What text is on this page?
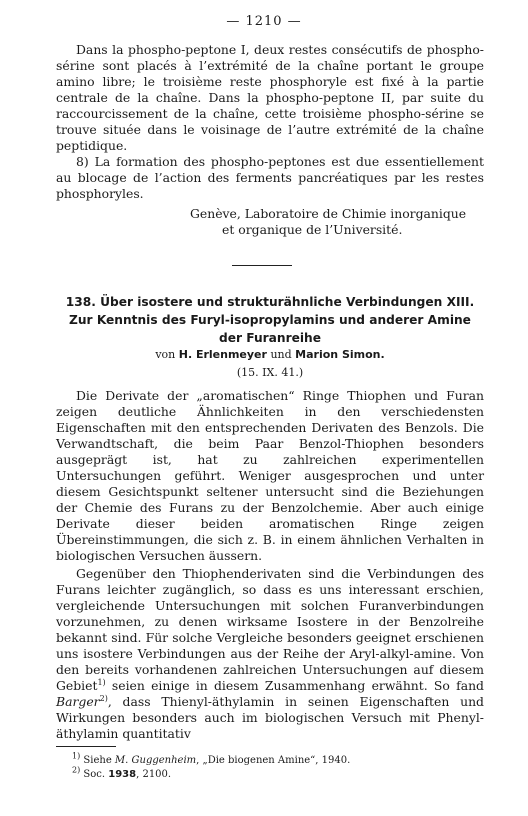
— 1210 —

Dans la phospho-peptone I, deux restes consécutifs de phospho-sérine sont placés à l’extrémité de la chaîne portant le groupe amino libre; le troisième reste phosphoryle est fixé à la partie centrale de la chaîne. Dans la phospho-peptone II, par suite du raccourcissement de la chaîne, cette troisième phospho-sérine se trouve située dans le voisinage de l’autre extrémité de la chaîne peptidique.

8) La formation des phospho-peptones est due essentiellement au blocage de l’action des ferments pancréatiques par les restes phosphoryles.

Genève, Laboratoire de Chimie inorganique
et organique de l’Université.
138. Über isostere und strukturähnliche Verbindungen XIII.
Zur Kenntnis des Furyl-isopropylamins und anderer Amine
der Furanreihe
von H. Erlenmeyer und Marion Simon.
(15. IX. 41.)

Die Derivate der „aromatischen“ Ringe Thiophen und Furan zeigen deutliche Ähnlichkeiten in den verschiedensten Eigenschaften mit den entsprechenden Derivaten des Benzols. Die Verwandtschaft, die beim Paar Benzol-Thiophen besonders ausgeprägt ist, hat zu zahlreichen experimentellen Untersuchungen geführt. Weniger ausgesprochen und unter diesem Gesichtspunkt seltener untersucht sind die Beziehungen der Chemie des Furans zu der Benzolchemie. Aber auch einige Derivate dieser beiden aromatischen Ringe zeigen Übereinstimmungen, die sich z. B. in einem ähnlichen Verhalten in biologischen Versuchen äussern.

Gegenüber den Thiophenderivaten sind die Verbindungen des Furans leichter zugänglich, so dass es uns interessant erschien, vergleichende Untersuchungen mit solchen Furanverbindungen vorzunehmen, zu denen wirksame Isostere in der Benzolreihe bekannt sind. Für solche Vergleiche besonders geeignet erschienen uns isostere Verbindungen aus der Reihe der Aryl-alkyl-amine. Von den bereits vorhandenen zahlreichen Untersuchungen auf diesem Gebiet$^{1)}$ seien einige in diesem Zusammenhang erwähnt. So fand Barger$^{2)}$, dass Thienyl-äthylamin in seinen Eigenschaften und Wirkungen besonders auch im biologischen Versuch mit Phenyl-äthylamin quantitativ

$^{1)}$ Siehe M. Guggenheim, „Die biogenen Amine“, 1940.
$^{2)}$ Soc. 1938, 2100.
